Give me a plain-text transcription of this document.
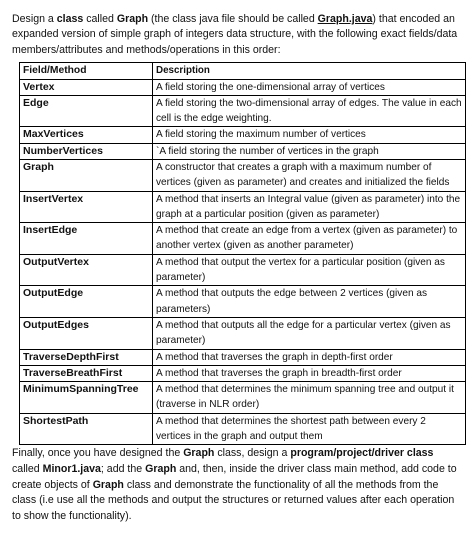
Design a class called Graph (the class java file should be called Graph.java) that encoded an expanded version of simple graph of integers data structure, with the following exact fields/data members/attributes and methods/operations in this order:

Field/Method	Description
Vertex	A field storing the one-dimensional array of vertices
Edge	A field storing the two-dimensional array of edges. The value in each cell is the edge weighting.
MaxVertices	A field storing the maximum number of vertices
NumberVertices	`A field storing the number of vertices in the graph
Graph	A constructor that creates a graph with a maximum number of vertices (given as parameter) and creates and initialized the fields
InsertVertex	A method that inserts an Integral value (given as parameter) into the graph at a particular position (given as parameter)
InsertEdge	A method that create an edge from a vertex (given as parameter) to another vertex (given as another parameter)
OutputVertex	A method that output the vertex for a particular position (given as parameter)
OutputEdge	A method that outputs the edge between 2 vertices (given as parameters)
OutputEdges	A method that outputs all the edge for a particular vertex (given as parameter)
TraverseDepthFirst	A method that traverses the graph in depth-first order
TraverseBreathFirst	A method that traverses the graph in breadth-first order
MinimumSpanningTree	A method that determines the minimum spanning tree and output it (traverse in NLR order)
ShortestPath	A method that determines the shortest path between every 2 vertices in the graph and output them

Finally, once you have designed the Graph class, design a program/project/driver class called Minor1.java; add the Graph and, then, inside the driver class main method, add code to create objects of Graph class and demonstrate the functionality of all the methods from the class (i.e use all the methods and output the structures or returned values after each operation to show the functionality).
